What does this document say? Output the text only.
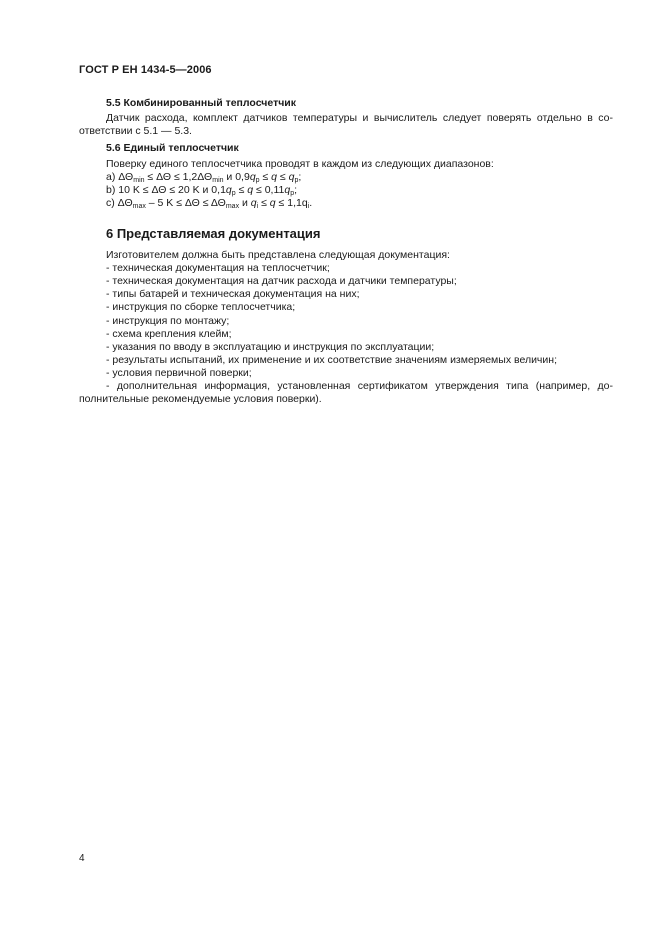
ГОСТ Р ЕН 1434-5—2006

5.5 Комбинированный теплосчетчик

Датчик расхода, комплект датчиков температуры и вычислитель следует поверять отдельно в со-ответствии с 5.1 — 5.3.

5.6 Единый теплосчетчик

Поверку единого теплосчетчика проводят в каждом из следующих диапазонов:

a) $\Delta\Theta_{min} \le \Delta\Theta \le 1,2\Delta\Theta_{min}$ и $0,9q_p \le q \le q_p$;

b) 10 K ≤ ΔΘ ≤ 20 K и $0,1q_p \le q \le 0,11q_p$;

c) $\Delta\Theta_{max} - 5$ $K \le \Delta\Theta \le \Delta\Theta_{max}$ и $q_i \le q \le 1,1q_i$.

6 Представляемая документация

Изготовителем должна быть представлена следующая документация:

- техническая документация на теплосчетчик;

- техническая документация на датчик расхода и датчики температуры;

- типы батарей и техническая документация на них;

- инструкция по сборке теплосчетчика;

- инструкция по монтажу;

- схема крепления клейм;

- указания по вводу в эксплуатацию и инструкция по эксплуатации;

- результаты испытаний, их применение и их соответствие значениям измеряемых величин;

- условия первичной поверки;

- дополнительная информация, установленная сертификатом утверждения типа (например, до-полнительные рекомендуемые условия поверки).

4
